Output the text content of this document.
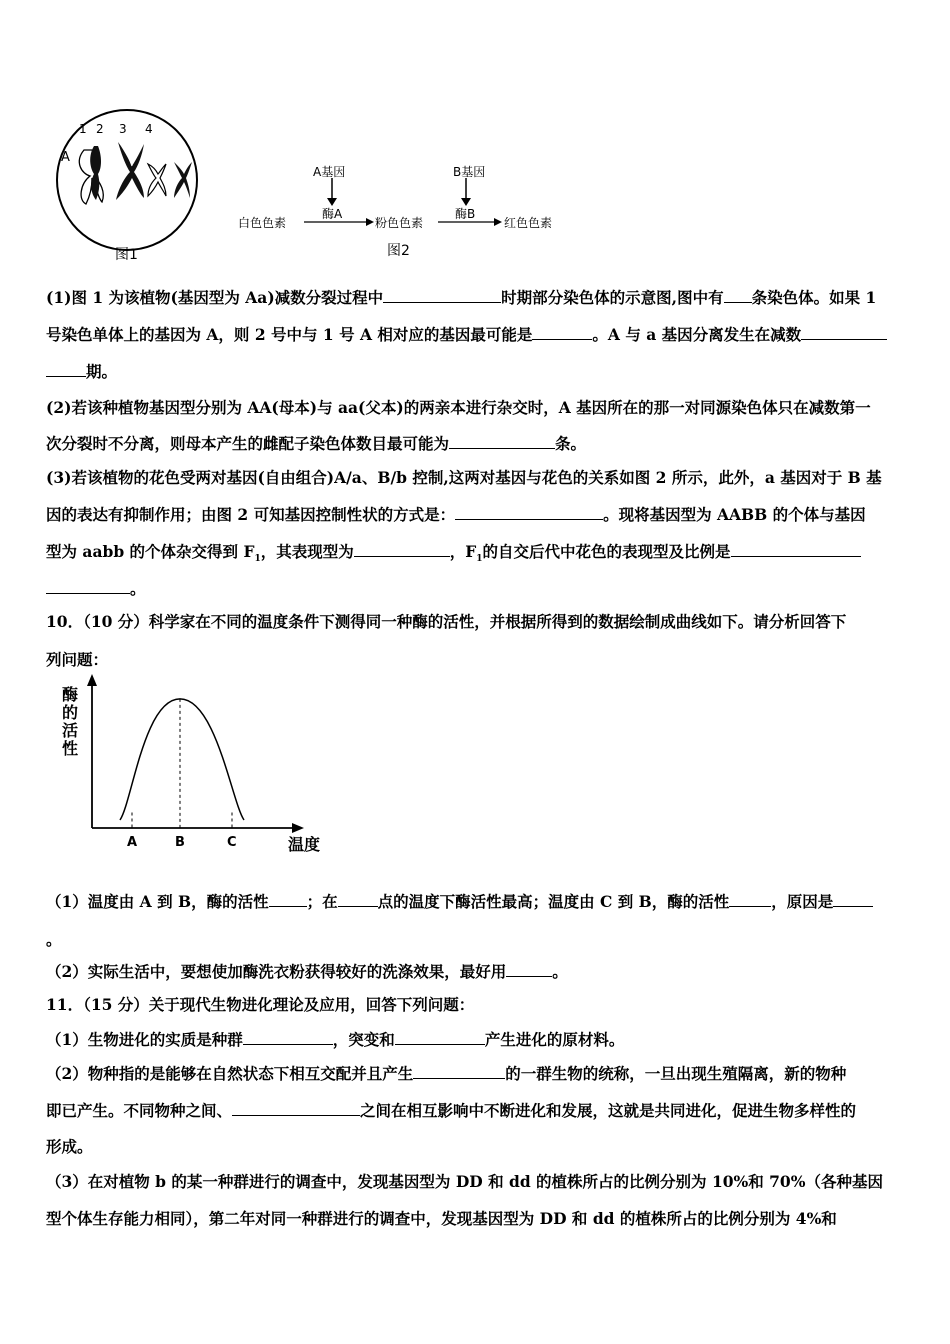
1 2 3 4
A
图1
A基因	B基因
酶A	酶B
白色色素	粉色色素	红色色素
图2
(1)图 1 为该植物(基因型为 Aa)减数分裂过程中	时期部分染色体的示意图,图中有 条染色体。如果 1
号染色单体上的基因为 A，则 2 号中与 1 号 A 相对应的基因最可能是	。A 与 a 基因分离发生在减数
期。
(2)若该种植物基因型分别为 AA(母本)与 aa(父本)的两亲本进行杂交时，A 基因所在的那一对同源染色体只在减数第一
次分裂时不分离，则母本产生的雌配子染色体数目最可能为	条。
(3)若该植物的花色受两对基因(自由组合)A/a、B/b 控制,这两对基因与花色的关系如图 2 所示，此外，a 基因对于 B 基
因的表达有抑制作用；由图 2 可知基因控制性状的方式是：	。现将基因型为 AABB 的个体与基因
型为 aabb 的个体杂交得到 $F_1$，其表现型为	，$F_1$的自交后代中花色的表现型及比例是
。
10．（10 分）科学家在不同的温度条件下测得同一种酶的活性，并根据所得到的数据绘制成曲线如下。请分析回答下
列问题：
A	B	C
酶
的
活
性
温度
（1）温度由 A 到 B，酶的活性 ；在	点的温度下酶活性最高；温度由 C 到 B，酶的活性	，原因是
。
（2）实际生活中，要想使加酶洗衣粉获得较好的洗涤效果，最好用	。
11．（15 分）关于现代生物进化理论及应用，回答下列问题：
（1）生物进化的实质是种群	，突变和	产生进化的原材料。
（2）物种指的是能够在自然状态下相互交配并且产生	的一群生物的统称，一旦出现生殖隔离，新的物种
即已产生。不同物种之间、	之间在相互影响中不断进化和发展，这就是共同进化，促进生物多样性的
形成。
（3）在对植物 b 的某一种群进行的调查中，发现基因型为 DD 和 dd 的植株所占的比例分别为 10%和 70%（各种基因
型个体生存能力相同），第二年对同一种群进行的调查中，发现基因型为 DD 和 dd 的植株所占的比例分别为 4%和
